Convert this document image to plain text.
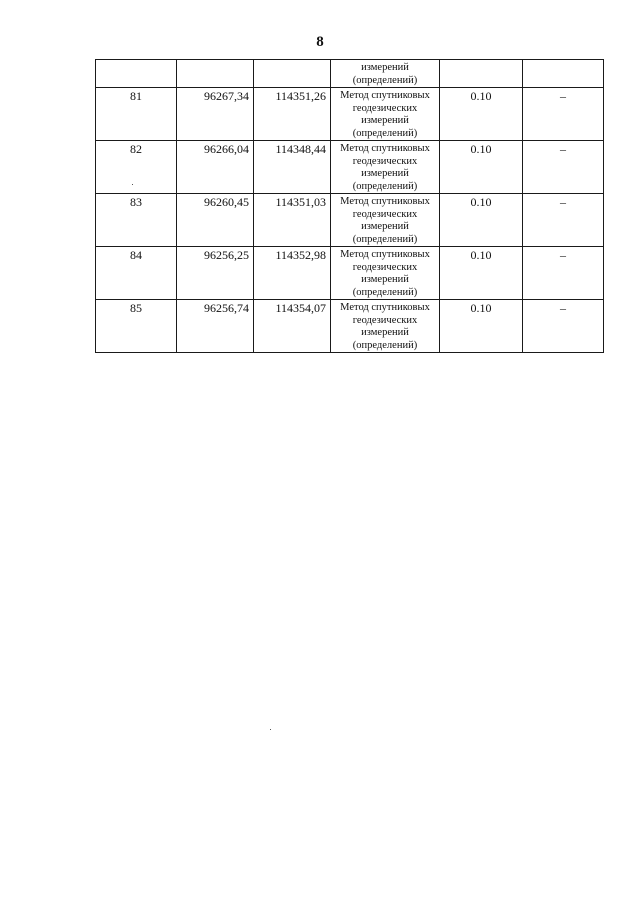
8

			измерений
(определений)		

81	96267,34	114351,26	Метод спутниковых
геодезических
измерений
(определений)	0.10	–
82	96266,04	114348,44	Метод спутниковых
геодезических
измерений
(определений)	0.10	–
83	96260,45	114351,03	Метод спутниковых
геодезических
измерений
(определений)	0.10	–
84	96256,25	114352,98	Метод спутниковых
геодезических
измерений
(определений)	0.10	–
85	96256,74	114354,07	Метод спутниковых
геодезических
измерений
(определений)	0.10	–
